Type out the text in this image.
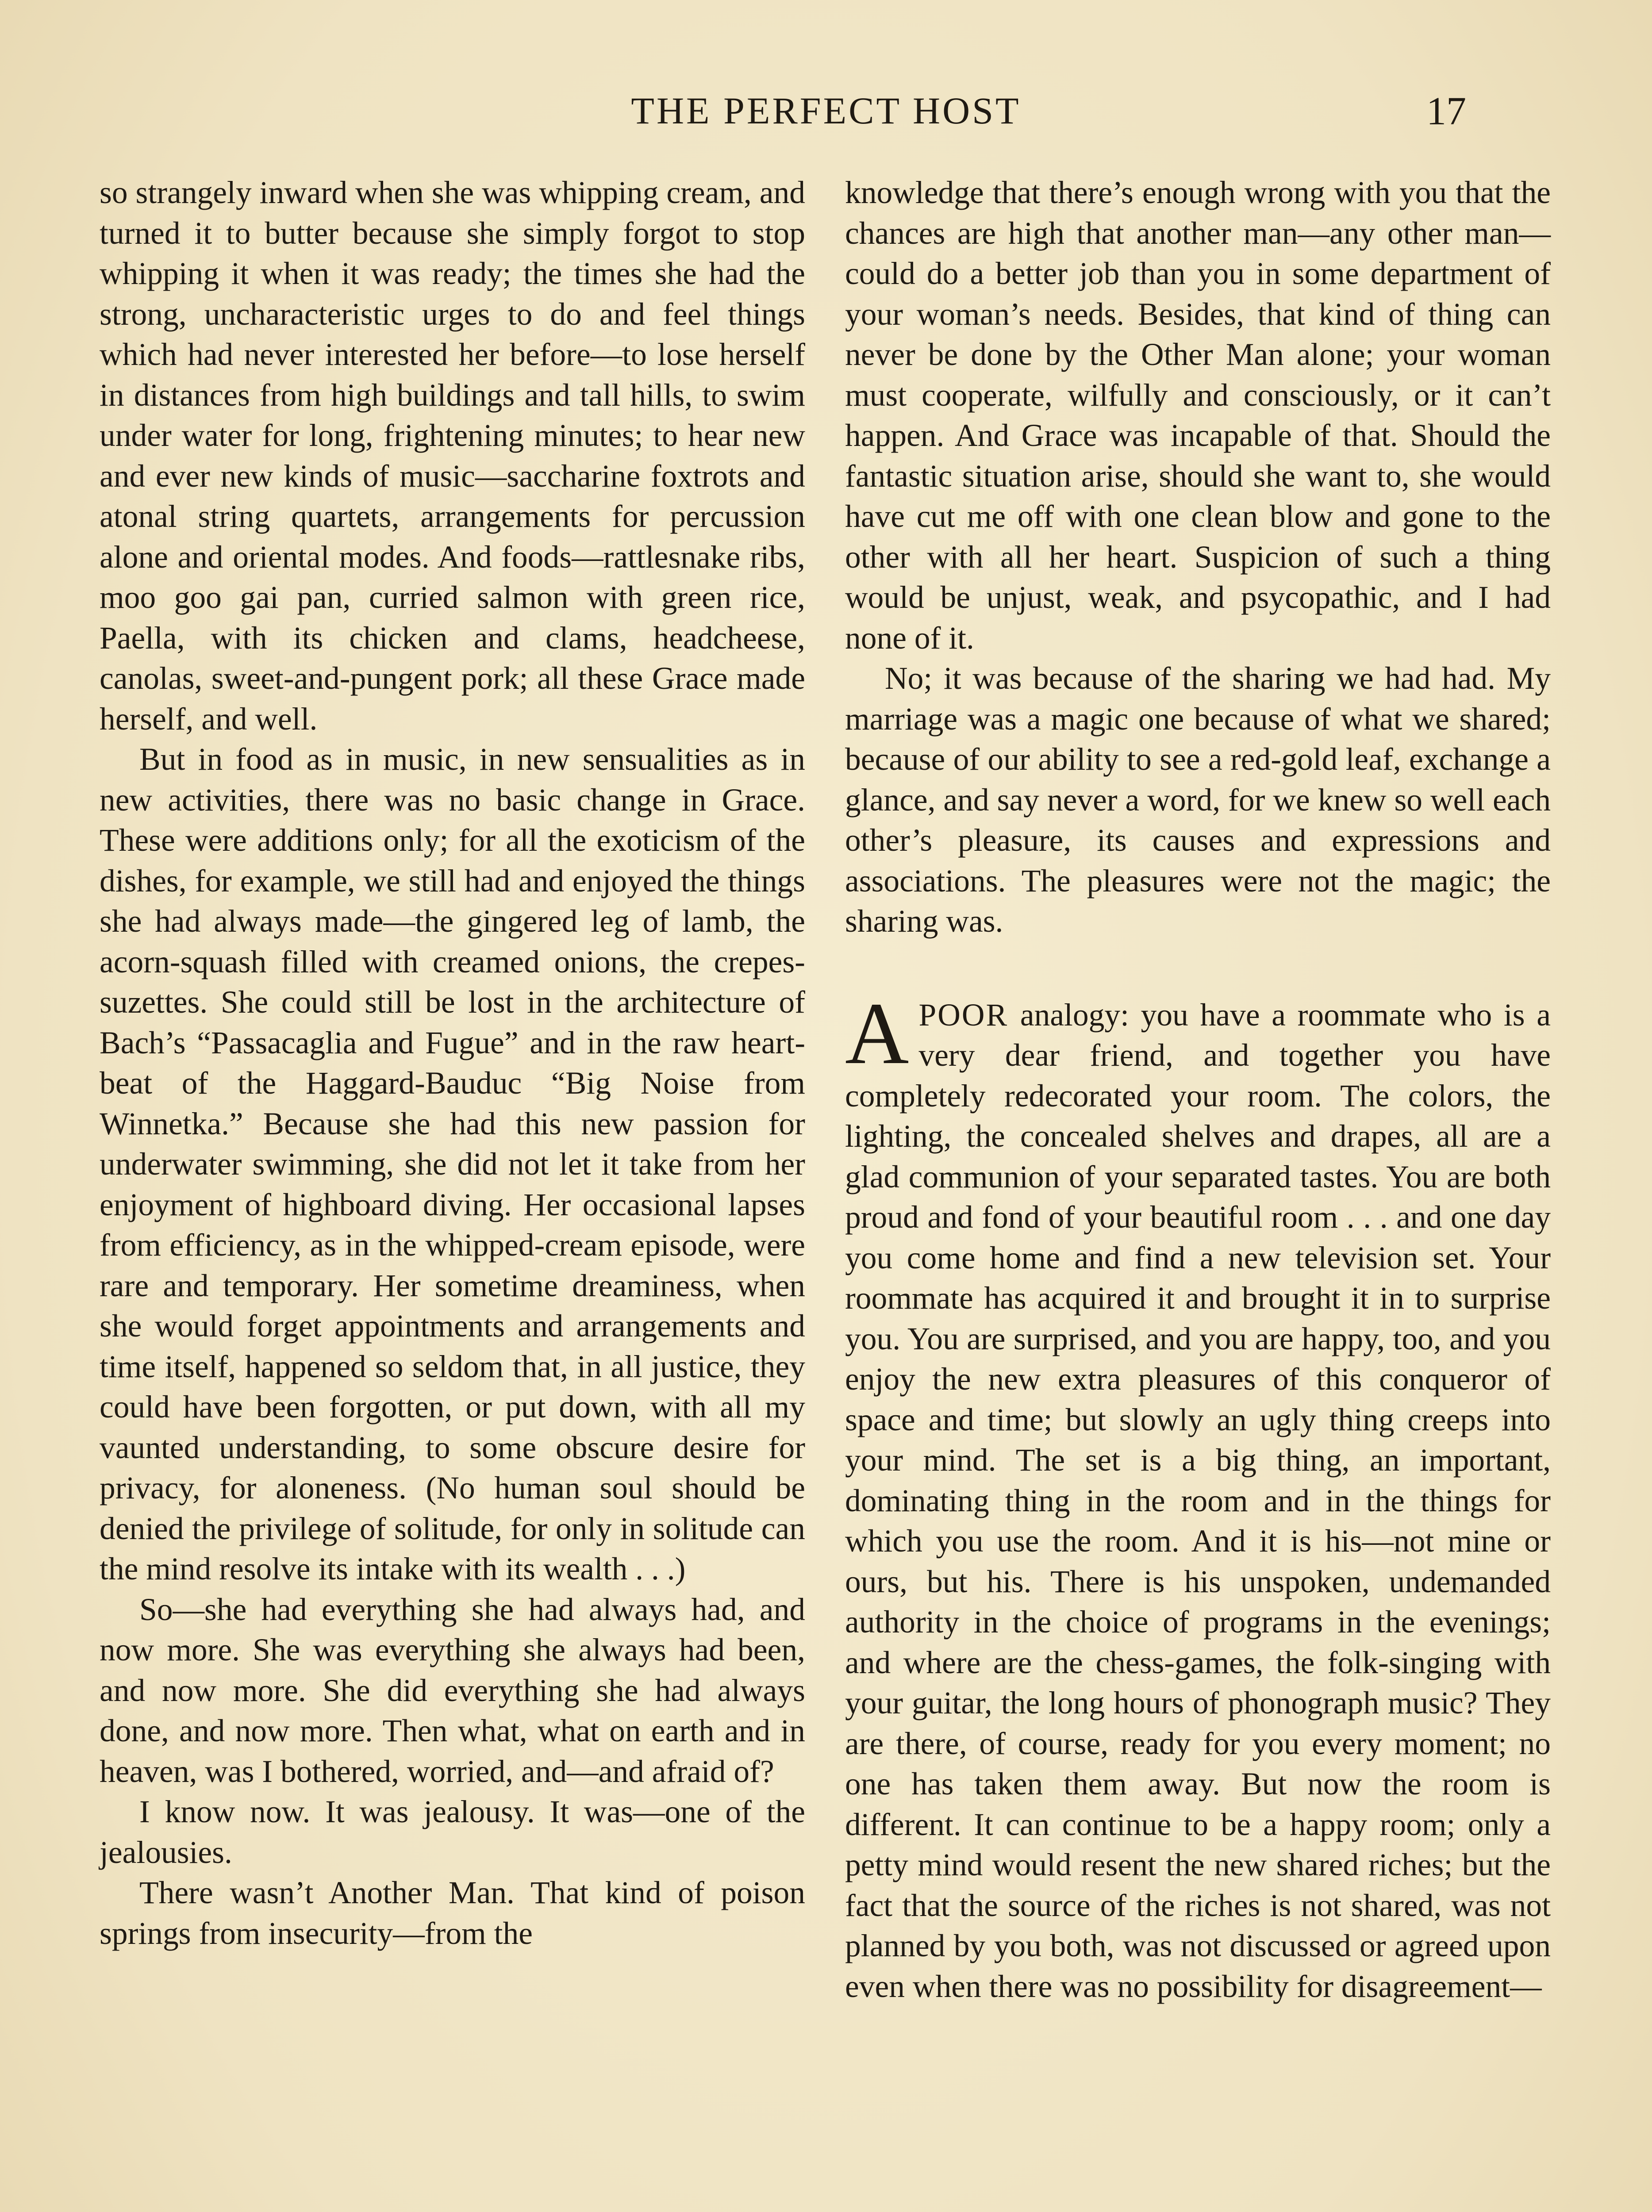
THE PERFECT HOST	17

so strangely inward when she was whipping cream, and turned it to butter because she simply forgot to stop whipping it when it was ready; the times she had the strong, uncharacteristic urges to do and feel things which had never interested her before—to lose herself in distances from high buildings and tall hills, to swim under water for long, frightening minutes; to hear new and ever new kinds of music—saccharine foxtrots and atonal string quartets, arrangements for percussion alone and oriental modes. And foods—rattlesnake ribs, moo goo gai pan, curried salmon with green rice, Paella, with its chicken and clams, headcheese, canolas, sweet-and-pungent pork; all these Grace made herself, and well.

But in food as in music, in new sensualities as in new activities, there was no basic change in Grace. These were additions only; for all the exoticism of the dishes, for example, we still had and enjoyed the things she had always made—the gingered leg of lamb, the acorn-squash filled with creamed onions, the crepes-suzettes. She could still be lost in the architecture of Bach’s “Passacaglia and Fugue” and in the raw heartbeat of the Haggard-Bauduc “Big Noise from Winnetka.” Because she had this new passion for underwater swimming, she did not let it take from her enjoyment of highboard diving. Her occasional lapses from efficiency, as in the whipped-cream episode, were rare and temporary. Her sometime dreaminess, when she would forget appointments and arrangements and time itself, happened so seldom that, in all justice, they could have been forgotten, or put down, with all my vaunted understanding, to some obscure desire for privacy, for aloneness. (No human soul should be denied the privilege of solitude, for only in solitude can the mind resolve its intake with its wealth . . .)

So—she had everything she had always had, and now more. She was everything she always had been, and now more. She did everything she had always done, and now more. Then what, what on earth and in heaven, was I bothered, worried, and—and afraid of?

I know now. It was jealousy. It was—one of the jealousies.

There wasn’t Another Man. That kind of poison springs from insecurity—from the

knowledge that there’s enough wrong with you that the chances are high that another man—any other man—could do a better job than you in some department of your woman’s needs. Besides, that kind of thing can never be done by the Other Man alone; your woman must cooperate, wilfully and consciously, or it can’t happen. And Grace was incapable of that. Should the fantastic situation arise, should she want to, she would have cut me off with one clean blow and gone to the other with all her heart. Suspicion of such a thing would be unjust, weak, and psycopathic, and I had none of it.

No; it was because of the sharing we had had. My marriage was a magic one because of what we shared; because of our ability to see a red-gold leaf, exchange a glance, and say never a word, for we knew so well each other’s pleasure, its causes and expressions and associations. The pleasures were not the magic; the sharing was.

APOOR analogy: you have a roommate who is a very dear friend, and together you have completely redecorated your room. The colors, the lighting, the concealed shelves and drapes, all are a glad communion of your separated tastes. You are both proud and fond of your beautiful room . . . and one day you come home and find a new television set. Your roommate has acquired it and brought it in to surprise you. You are surprised, and you are happy, too, and you enjoy the new extra pleasures of this conqueror of space and time; but slowly an ugly thing creeps into your mind. The set is a big thing, an important, dominating thing in the room and in the things for which you use the room. And it is his—not mine or ours, but his. There is his unspoken, undemanded authority in the choice of programs in the evenings; and where are the chess-games, the folk-singing with your guitar, the long hours of phonograph music? They are there, of course, ready for you every moment; no one has taken them away. But now the room is different. It can continue to be a happy room; only a petty mind would resent the new shared riches; but the fact that the source of the riches is not shared, was not planned by you both, was not discussed or agreed upon even when there was no possibility for disagreement—
